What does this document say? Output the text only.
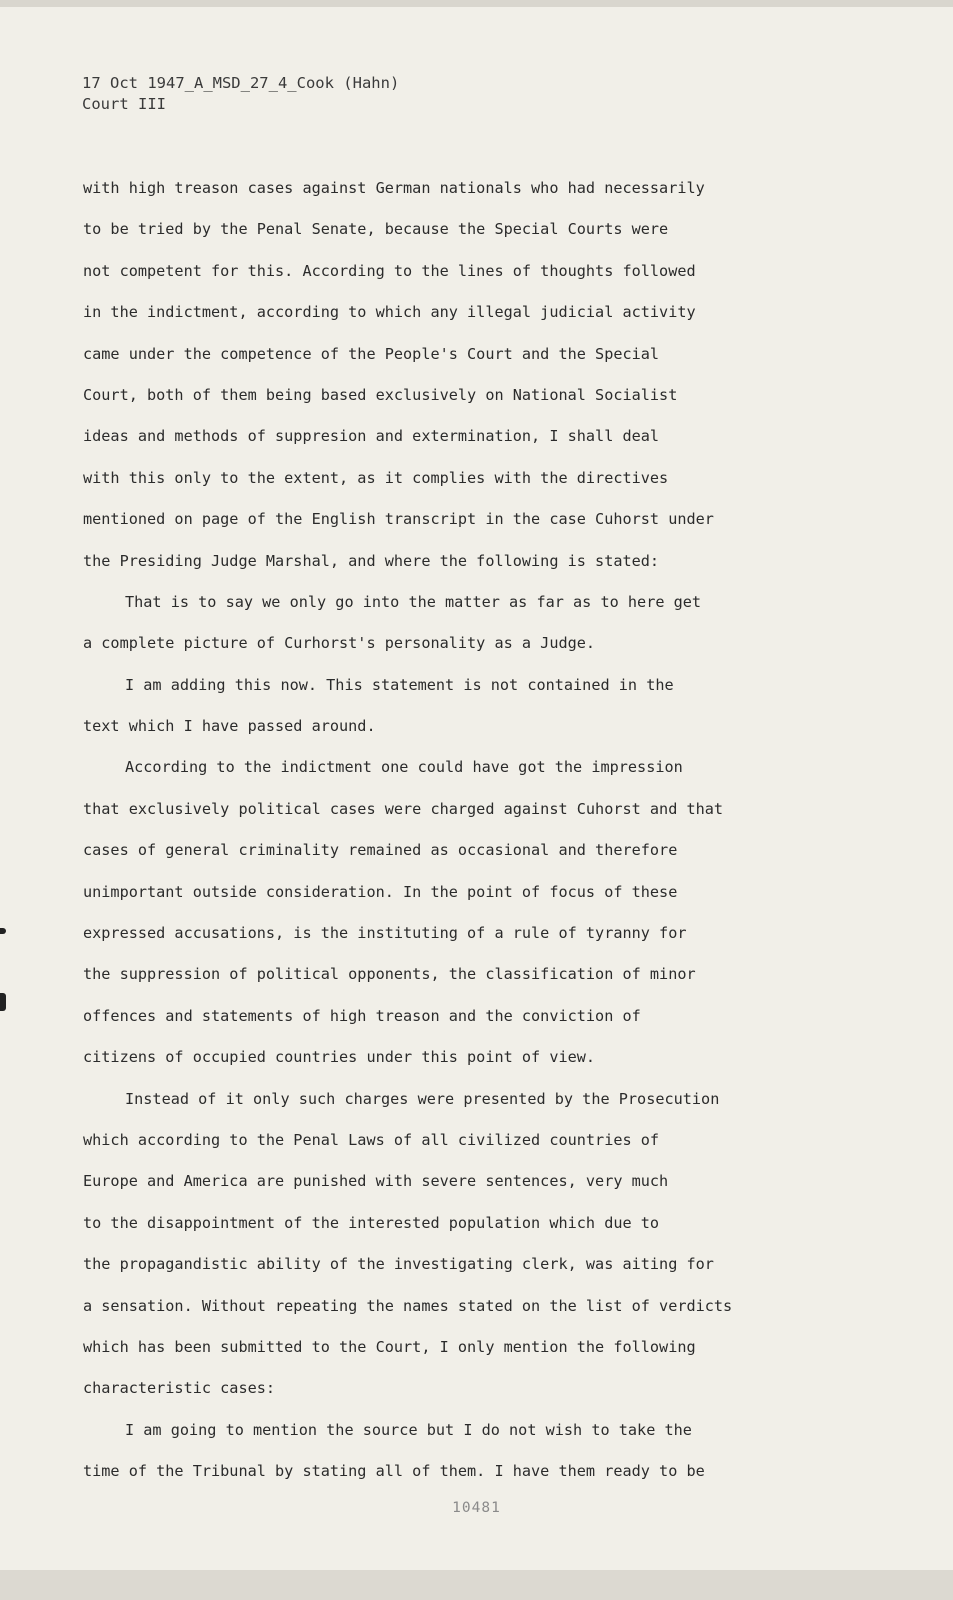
17 Oct 1947_A_MSD_27_4_Cook (Hahn)
Court III
with high treason cases against German nationals who had necessarily
to be tried by the Penal Senate, because the Special Courts were
not competent for this. According to the lines of thoughts followed
in the indictment, according to which any illegal judicial activity
came under the competence of the People's Court and the Special
Court, both of them being based exclusively on National Socialist
ideas and methods of suppresion and extermination, I shall deal
with this only to the extent, as it complies with the directives
mentioned on page of the English transcript in the case Cuhorst under
the Presiding Judge Marshal, and where the following is stated:
That is to say we only go into the matter as far as to here get
a complete picture of Curhorst's personality as a Judge.
I am adding this now. This statement is not contained in the
text which I have passed around.
According to the indictment one could have got the impression
that exclusively political cases were charged against Cuhorst and that
cases of general criminality remained as occasional and therefore
unimportant outside consideration. In the point of focus of these
expressed accusations, is the instituting of a rule of tyranny for
the suppression of political opponents, the classification of minor
offences and statements of high treason and the conviction of
citizens of occupied countries under this point of view.
Instead of it only such charges were presented by the Prosecution
which according to the Penal Laws of all civilized countries of
Europe and America are punished with severe sentences, very much
to the disappointment of the interested population which due to
the propagandistic ability of the investigating clerk, was aiting for
a sensation. Without repeating the names stated on the list of verdicts
which has been submitted to the Court, I only mention the following
characteristic cases:
I am going to mention the source but I do not wish to take the
time of the Tribunal by stating all of them. I have them ready to be
10481
